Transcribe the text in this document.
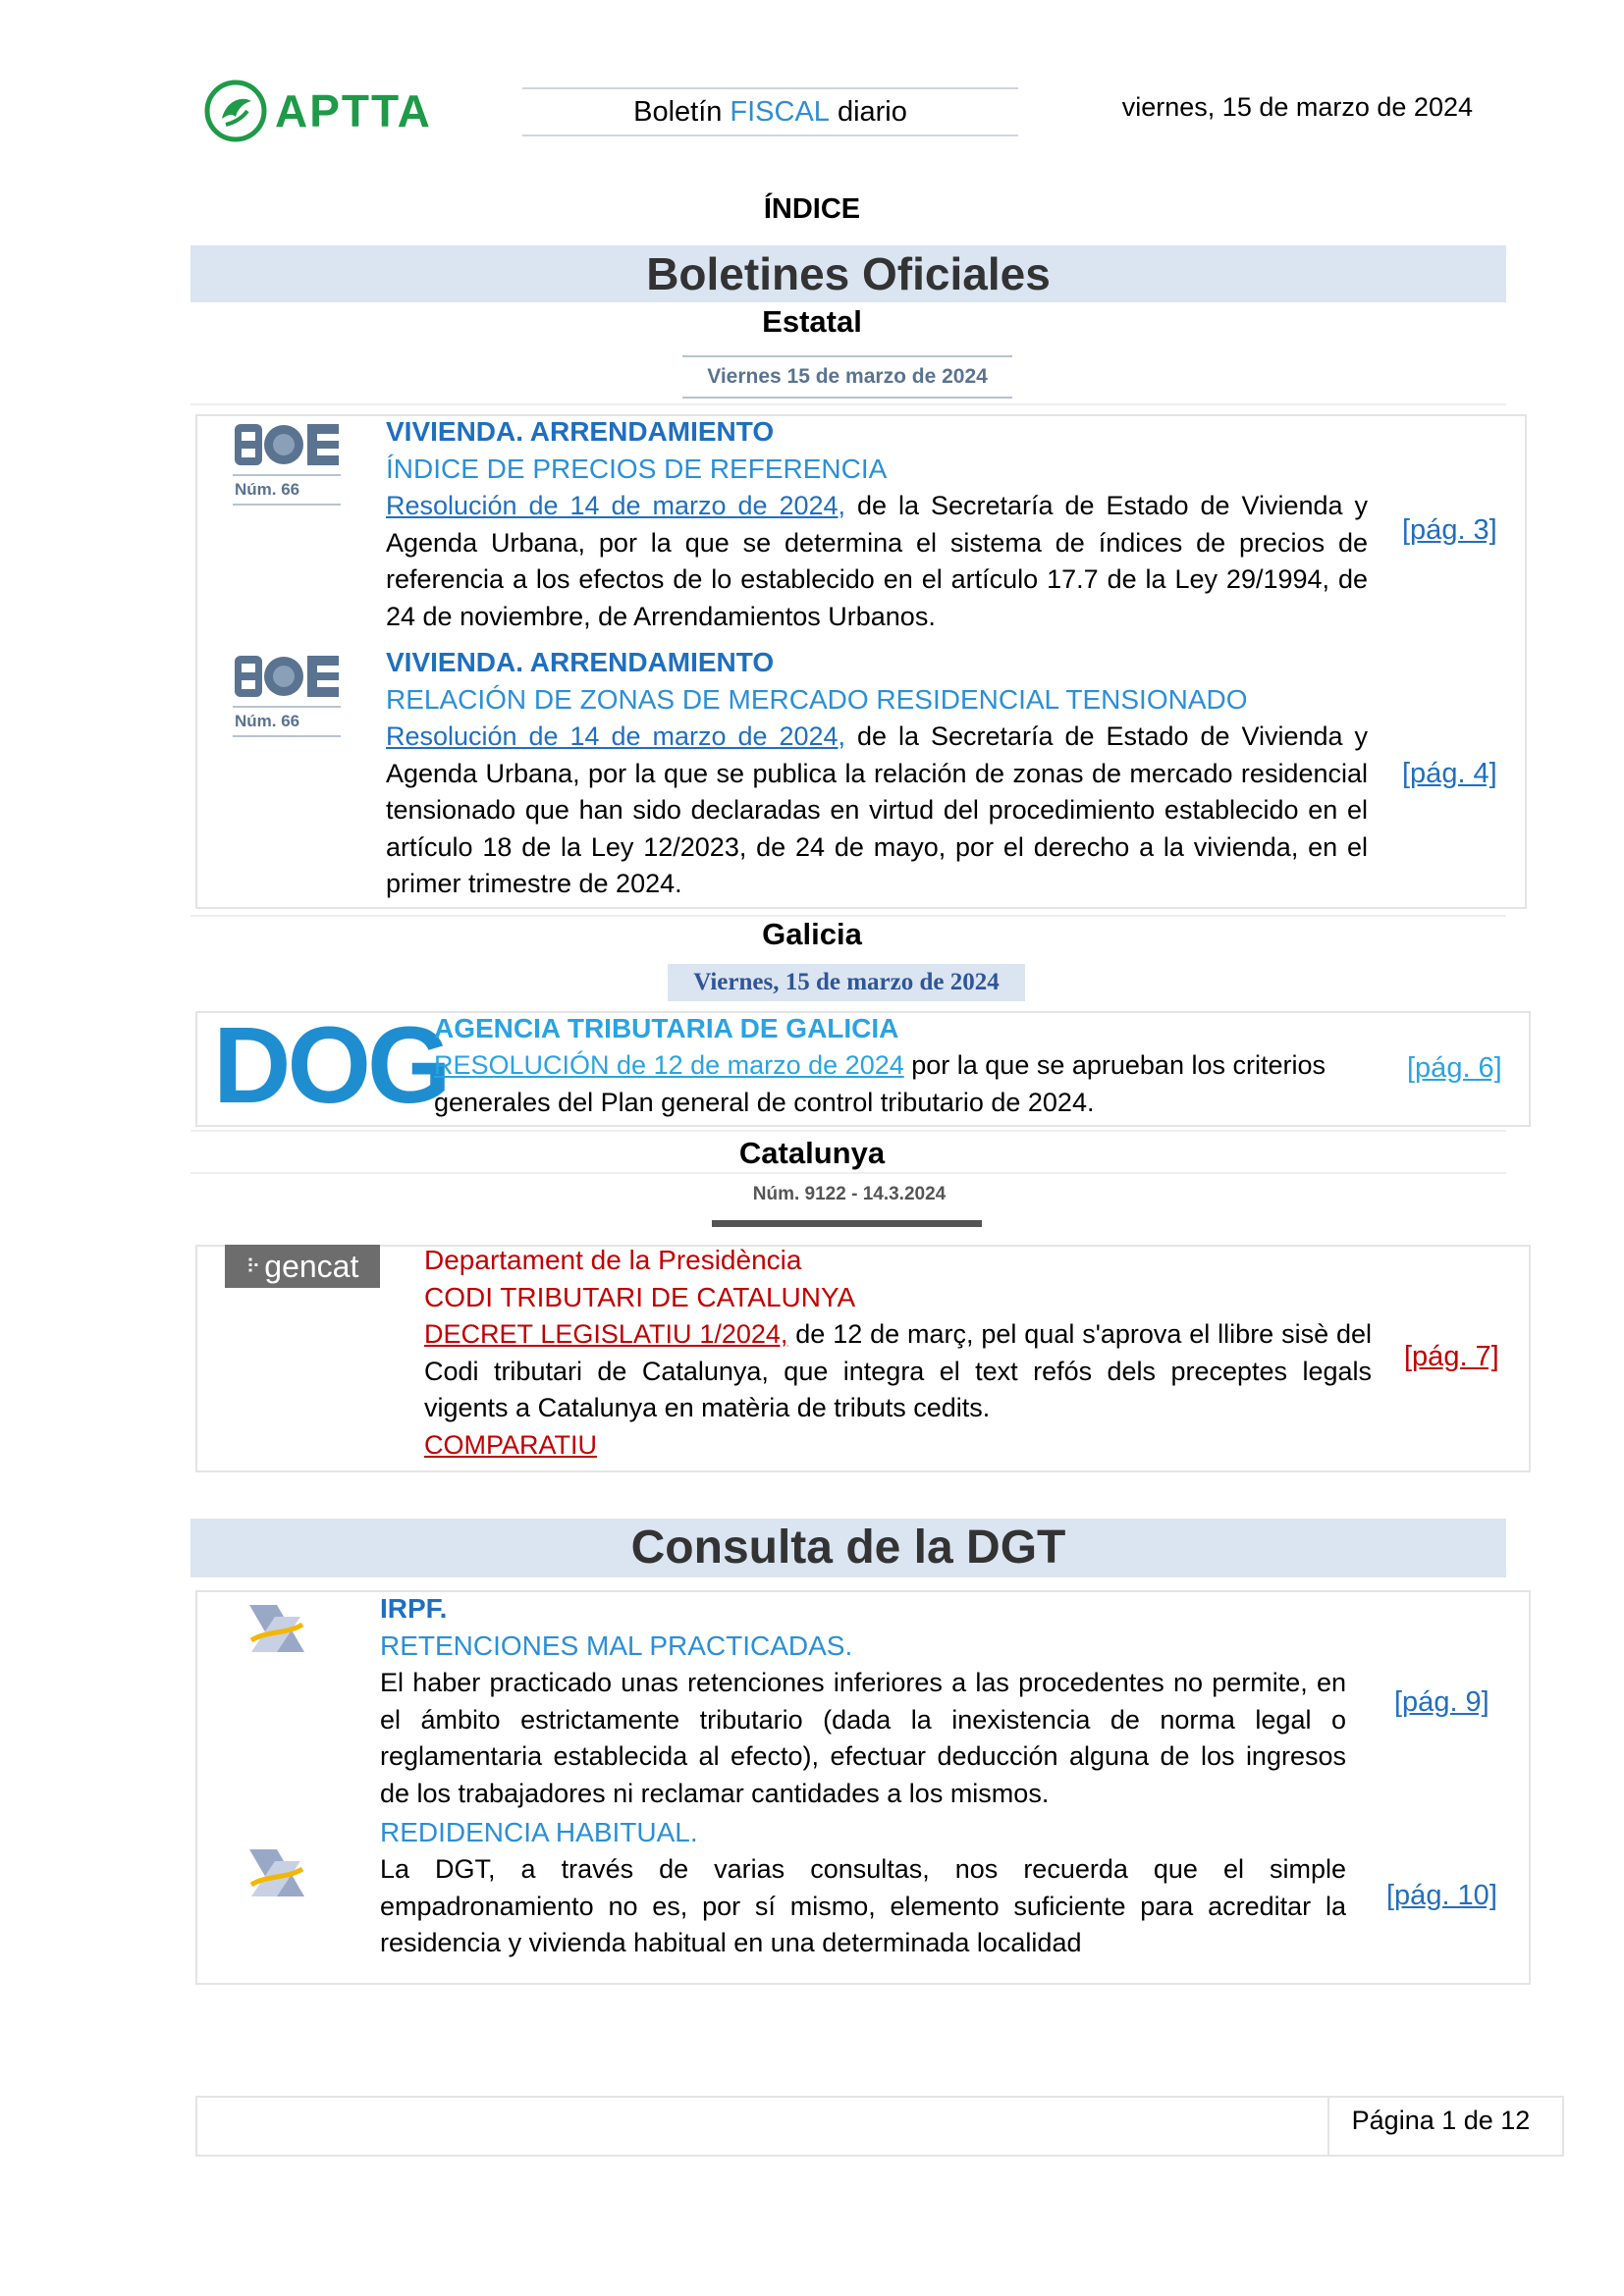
APTTA	Boletín FISCAL diario	viernes, 15 de marzo de 2024
ÍNDICE
Boletines Oficiales
Estatal
Viernes 15 de marzo de 2024
Núm. 66
VIVIENDA. ARRENDAMIENTO
ÍNDICE DE PRECIOS DE REFERENCIA
Resolución de 14 de marzo de 2024, de la Secretaría de Estado de Vivienda y Agenda Urbana, por la que se determina el sistema de índices de precios de referencia a los efectos de lo establecido en el artículo 17.7 de la Ley 29/1994, de 24 de noviembre, de Arrendamientos Urbanos.
[pág. 3]
Núm. 66
VIVIENDA. ARRENDAMIENTO
RELACIÓN DE ZONAS DE MERCADO RESIDENCIAL TENSIONADO
Resolución de 14 de marzo de 2024, de la Secretaría de Estado de Vivienda y Agenda Urbana, por la que se publica la relación de zonas de mercado residencial tensionado que han sido declaradas en virtud del procedimiento establecido en el artículo 18 de la Ley 12/2023, de 24 de mayo, por el derecho a la vivienda, en el primer trimestre de 2024.
[pág. 4]
Galicia
Viernes, 15 de marzo de 2024
DOG
AGENCIA TRIBUTARIA DE GALICIA
RESOLUCIÓN de 12 de marzo de 2024 por la que se aprueban los criterios generales del Plan general de control tributario de 2024.
[pág. 6]
Catalunya
Núm. 9122 - 14.3.2024
⠗ gencat Departament de la Presidència
CODI TRIBUTARI DE CATALUNYA
DECRET LEGISLATIU 1/2024, de 12 de març, pel qual s'aprova el llibre sisè del Codi tributari de Catalunya, que integra el text refós dels preceptes legals vigents a Catalunya en matèria de tributs cedits.
COMPARATIU
[pág. 7]
Consulta de la DGT
IRPF.
RETENCIONES MAL PRACTICADAS.
El haber practicado unas retenciones inferiores a las procedentes no permite, en el ámbito estrictamente tributario (dada la inexistencia de norma legal o reglamentaria establecida al efecto), efectuar deducción alguna de los ingresos de los trabajadores ni reclamar cantidades a los mismos.
[pág. 9]
REDIDENCIA HABITUAL.
La DGT, a través de varias consultas, nos recuerda que el simple empadronamiento no es, por sí mismo, elemento suficiente para acreditar la residencia y vivienda habitual en una determinada localidad
[pág. 10]
Página 1 de 12
